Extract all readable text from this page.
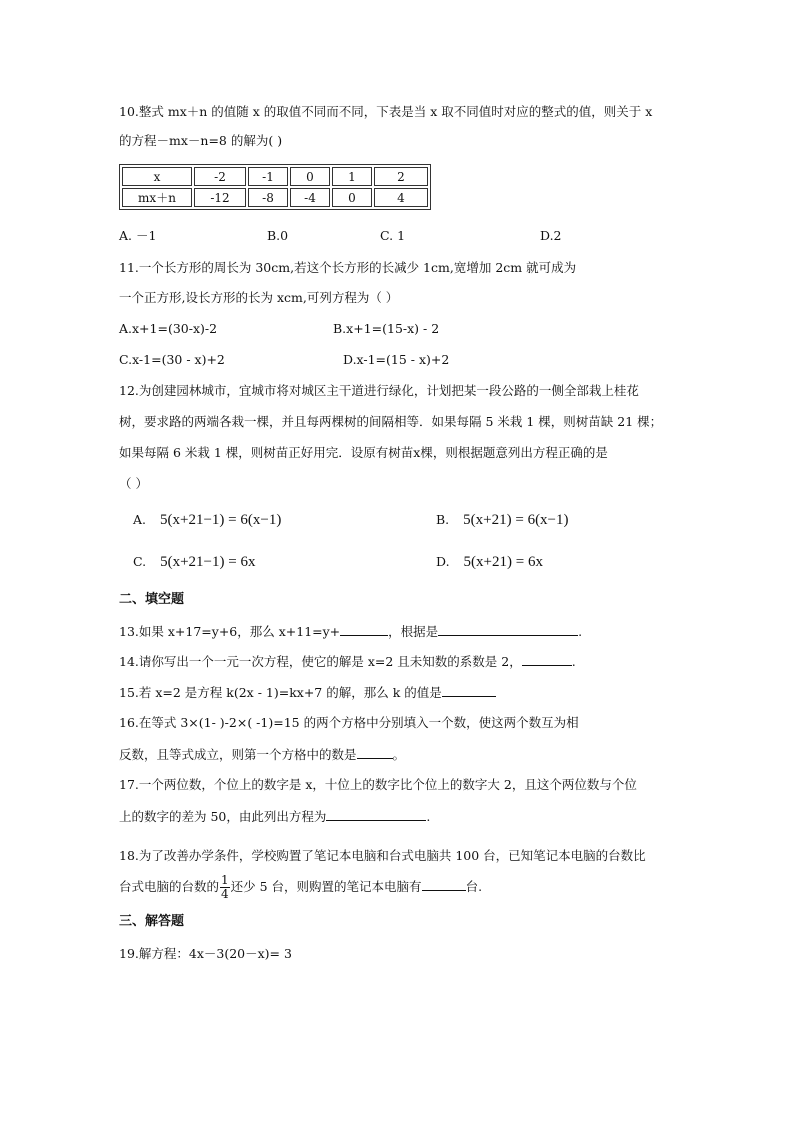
10.整式 mx＋n 的值随 x 的取值不同而不同，下表是当 x 取不同值时对应的整式的值，则关于 x
的方程－mx－n=8 的解为( )
x	-2	-1	0	1	2
mx＋n	-12	-8	-4	0	4
A. －1	B.0	C. 1	D.2
11.一个长方形的周长为 30cm,若这个长方形的长减少 1cm,宽增加 2cm 就可成为
一个正方形,设长方形的长为 xcm,可列方程为（ ）
A.x+1=(30-x)-2	B.x+1=(15-x) - 2
C.x-1=(30 - x)+2	D.x-1=(15 - x)+2
12.为创建园林城市，宜城市将对城区主干道进行绿化，计划把某一段公路的一侧全部栽上桂花
树，要求路的两端各栽一棵，并且每两棵树的间隔相等．如果每隔 5 米栽 1 棵，则树苗缺 21 棵；
如果每隔 6 米栽 1 棵，则树苗正好用完．设原有树苗x棵，则根据题意列出方程正确的是
（ ）
A. 5(x+21−1) = 6(x−1)	B. 5(x+21) = 6(x−1)
C. 5(x+21−1) = 6x	D. 5(x+21) = 6x
二、填空题
13.如果 x+17=y+6，那么 x+11=y+	，根据是	.
14.请你写出一个一元一次方程，使它的解是 x=2 且未知数的系数是 2，	.
15.若 x=2 是方程 k(2x - 1)=kx+7 的解，那么 k 的值是
16.在等式 3×(1- )-2×( -1)=15 的两个方格中分别填入一个数，使这两个数互为相
反数，且等式成立，则第一个方格中的数是	。
17.一个两位数，个位上的数字是 x，十位上的数字比个位上的数字大 2，且这个两位数与个位
上的数字的差为 50，由此列出方程为	.
18.为了改善办学条件，学校购置了笔记本电脑和台式电脑共 100 台，已知笔记本电脑的台数比
台式电脑的台数的 $\frac{1}{4}$ 还少 5 台，则购置的笔记本电脑有	台.
三、解答题
19.解方程：4x－3(20－x)= 3
